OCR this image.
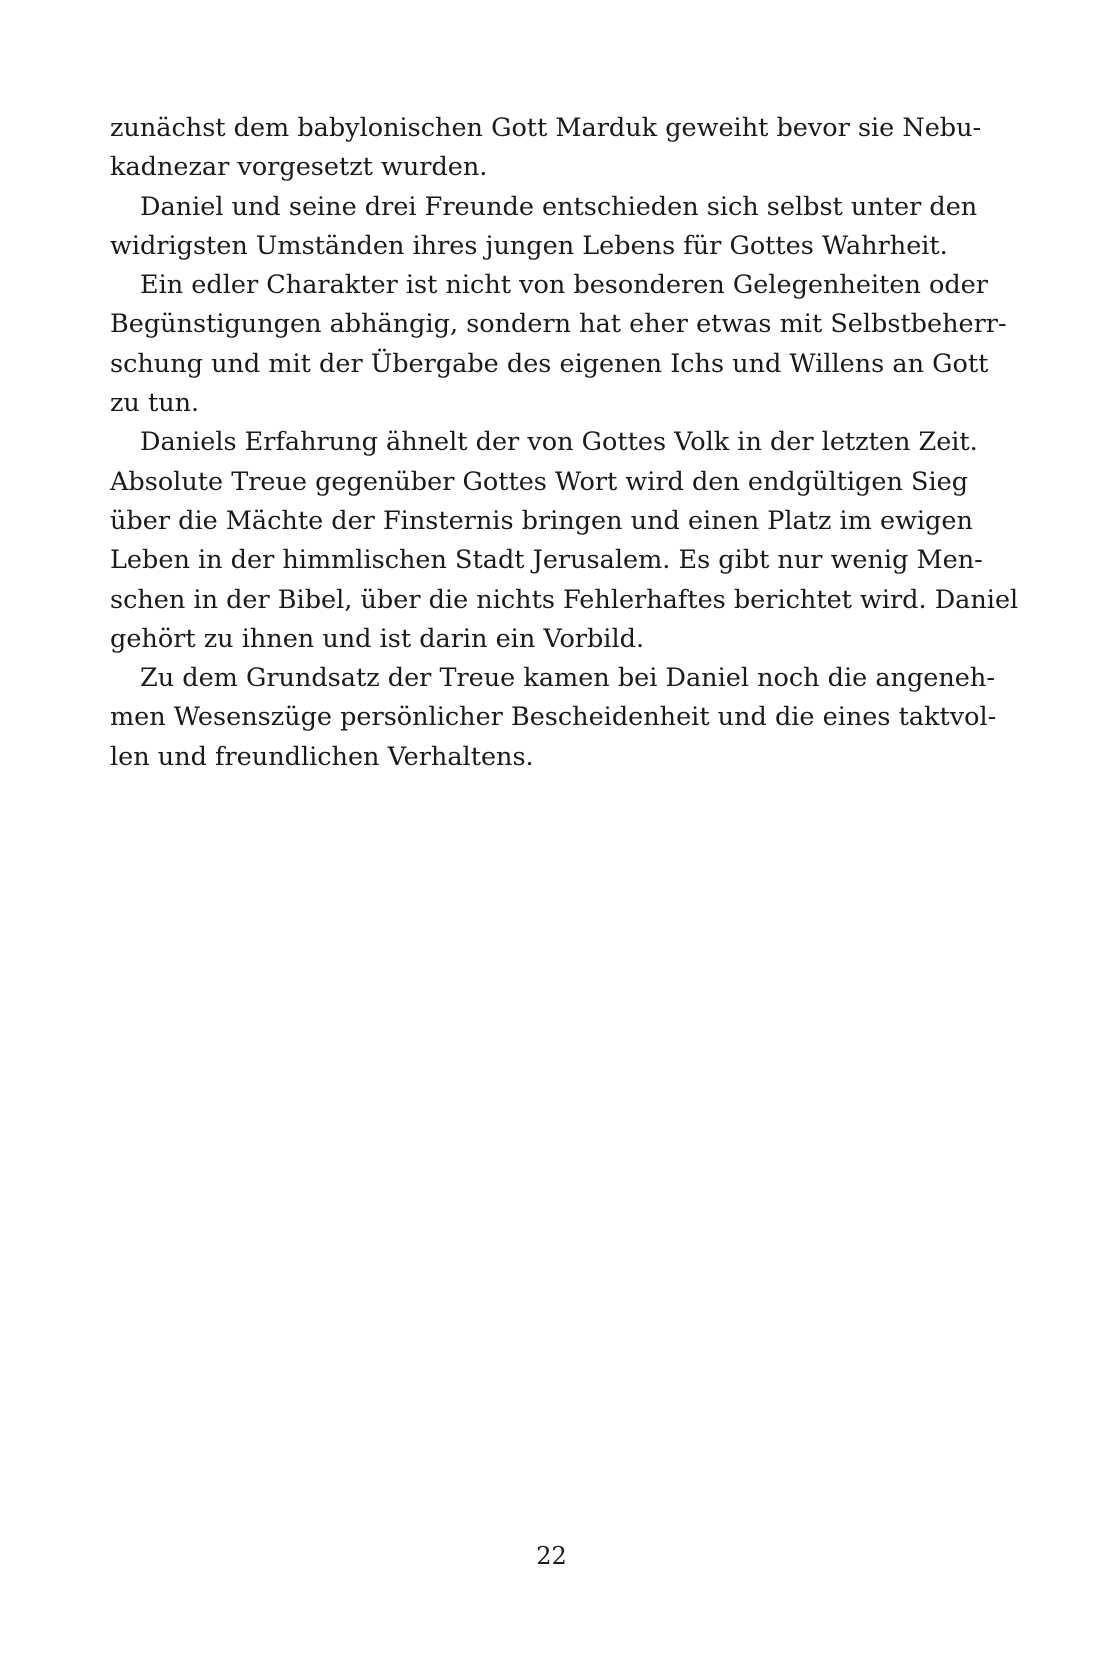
zunächst dem babylonischen Gott Marduk geweiht bevor sie Nebu-
kadnezar vorgesetzt wurden.
Daniel und seine drei Freunde entschieden sich selbst unter den
widrigsten Umständen ihres jungen Lebens für Gottes Wahrheit.
Ein edler Charakter ist nicht von besonderen Gelegenheiten oder
Begünstigungen abhängig, sondern hat eher etwas mit Selbstbeherr-
schung und mit der Übergabe des eigenen Ichs und Willens an Gott
zu tun.
Daniels Erfahrung ähnelt der von Gottes Volk in der letzten Zeit.
Absolute Treue gegenüber Gottes Wort wird den endgültigen Sieg
über die Mächte der Finsternis bringen und einen Platz im ewigen
Leben in der himmlischen Stadt Jerusalem. Es gibt nur wenig Men-
schen in der Bibel, über die nichts Fehlerhaftes berichtet wird. Daniel
gehört zu ihnen und ist darin ein Vorbild.
Zu dem Grundsatz der Treue kamen bei Daniel noch die angeneh-
men Wesenszüge persönlicher Bescheidenheit und die eines taktvol-
len und freundlichen Verhaltens.
22
